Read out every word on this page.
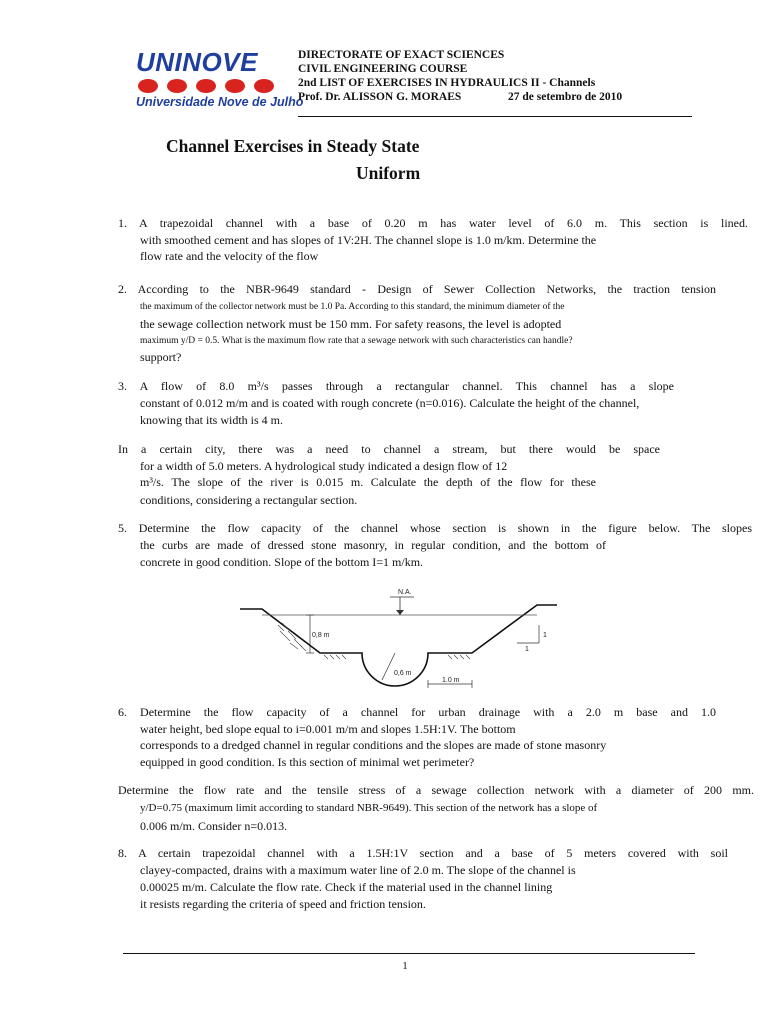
UNINOVE
Universidade Nove de Julho
DIRECTORATE OF EXACT SCIENCES
CIVIL ENGINEERING COURSE
2nd LIST OF EXERCISES IN HYDRAULICS II - Channels
Prof. Dr. ALISSON G. MORAES	27 de setembro de 2010
Channel Exercises in Steady State
Uniform
1. A trapezoidal channel with a base of 0.20 m has water level of 6.0 m. This section is lined.
with smoothed cement and has slopes of 1V:2H. The channel slope is 1.0 m/km. Determine the
flow rate and the velocity of the flow
2. According to the NBR-9649 standard - Design of Sewer Collection Networks, the traction tension
the maximum of the collector network must be 1.0 Pa. According to this standard, the minimum diameter of the
the sewage collection network must be 150 mm. For safety reasons, the level is adopted
maximum y/D = 0.5. What is the maximum flow rate that a sewage network with such characteristics can handle?
support?
3. A flow of 8.0 m³/s passes through a rectangular channel. This channel has a slope
constant of 0.012 m/m and is coated with rough concrete (n=0.016). Calculate the height of the channel,
knowing that its width is 4 m.
In a certain city, there was a need to channel a stream, but there would be space
for a width of 5.0 meters. A hydrological study indicated a design flow of 12
m³/s. The slope of the river is 0.015 m. Calculate the depth of the flow for these
conditions, considering a rectangular section.
5. Determine the flow capacity of the channel whose section is shown in the figure below. The slopes
the curbs are made of dressed stone masonry, in regular condition, and the bottom of
concrete in good condition. Slope of the bottom I=1 m/km.
N.A.
0,8 m
0,6 m
1.0 m
1
1
6. Determine the flow capacity of a channel for urban drainage with a 2.0 m base and 1.0
water height, bed slope equal to i=0.001 m/m and slopes 1.5H:1V. The bottom
corresponds to a dredged channel in regular conditions and the slopes are made of stone masonry
equipped in good condition. Is this section of minimal wet perimeter?
Determine the flow rate and the tensile stress of a sewage collection network with a diameter of 200 mm.
y/D=0.75 (maximum limit according to standard NBR-9649). This section of the network has a slope of
0.006 m/m. Consider n=0.013.
8. A certain trapezoidal channel with a 1.5H:1V section and a base of 5 meters covered with soil
clayey-compacted, drains with a maximum water line of 2.0 m. The slope of the channel is
0.00025 m/m. Calculate the flow rate. Check if the material used in the channel lining
it resists regarding the criteria of speed and friction tension.
1
